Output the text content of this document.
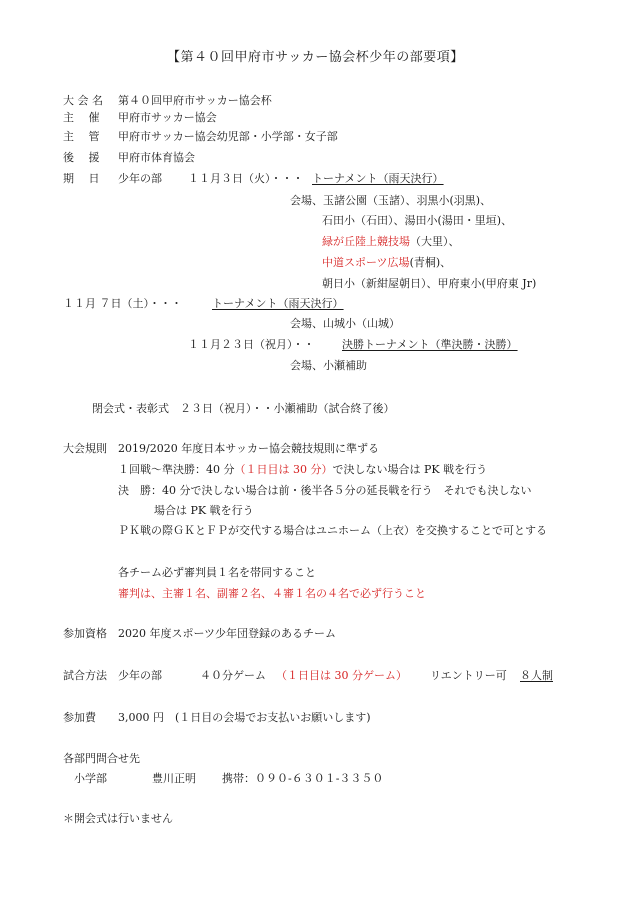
【第４０回甲府市サッカー協会杯少年の部要項】
大 会 名 第４０回甲府市サッカー協会杯
主　 催 甲府市サッカー協会
主　 管 甲府市サッカー協会幼児部・小学部・女子部
後　 援 甲府市体育協会
期　 日 少年の部 １１月３日（火）・・・ トーナメント（雨天決行）
会場、玉諸公園（玉諸）、羽黒小(羽黒)、
石田小（石田）、湯田小(湯田・里垣)、
緑が丘陸上競技場（大里）、
中道スポーツ広場(青桐)、
朝日小（新紺屋朝日）、甲府東小(甲府東 Jr)
１１月 ７日（土）・・・	トーナメント（雨天決行）
会場、山城小（山城）
１１月２３日（祝月）・・	決勝トーナメント（準決勝・決勝）
会場、小瀬補助
閉会式・表彰式　２３日（祝月）・・小瀬補助（試合終了後）
大会規則 2019/2020 年度日本サッカー協会競技規則に準ずる
１回戦～準決勝：40 分（１日目は 30 分）で決しない場合は PK 戦を行う
決　勝：40 分で決しない場合は前・後半各５分の延長戦を行う　それでも決しない
場合は PK 戦を行う
ＰＫ戦の際ＧＫとＦＰが交代する場合はユニホーム（上衣）を交換することで可とする
各チーム必ず審判員１名を帯同すること
審判は、主審１名、副審２名、４審１名の４名で必ず行うこと
参加資格 2020 年度スポーツ少年団登録のあるチーム
試合方法 少年の部	４０分ゲーム （１日目は 30 分ゲーム） リエントリー可 ８人制
参加費 3,000 円　(１日目の会場でお支払いお願いします)
各部門問合せ先
小学部	豊川正明 携帯：０９０-６３０１-３３５０
＊開会式は行いません
